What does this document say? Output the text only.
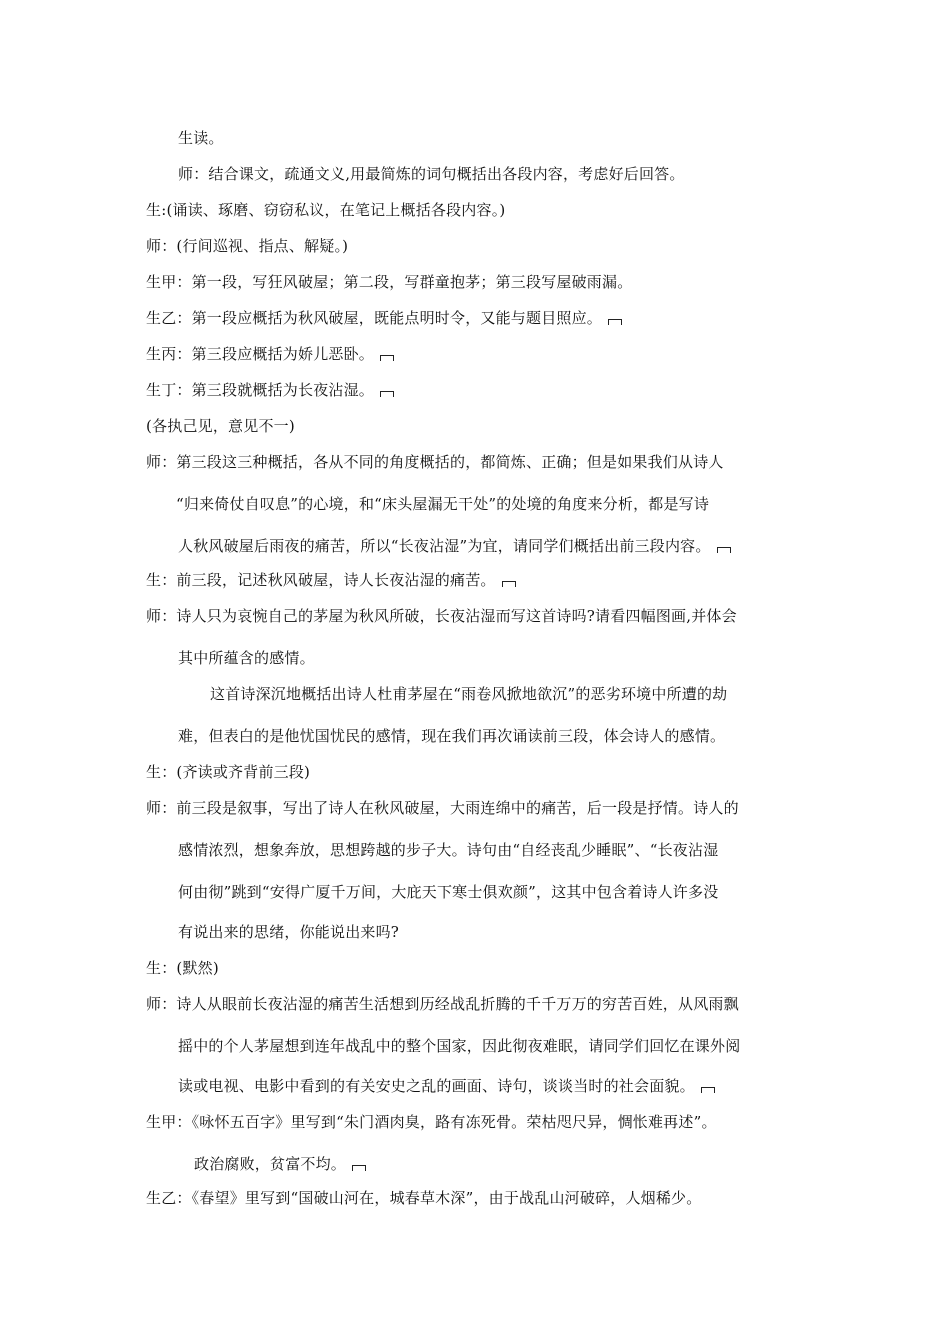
生读。
师：结合课文，疏通文义,用最简炼的词句概括出各段内容，考虑好后回答。
生:(诵读、琢磨、窃窃私议，在笔记上概括各段内容。)
师：(行间巡视、指点、解疑。)
生甲：第一段，写狂风破屋；第二段，写群童抱茅；第三段写屋破雨漏。
生乙：第一段应概括为秋风破屋，既能点明时令，又能与题目照应。
生丙：第三段应概括为娇儿恶卧。
生丁：第三段就概括为长夜沾湿。
(各执己见，意见不一)
师：第三段这三种概括，各从不同的角度概括的，都简炼、正确；但是如果我们从诗人
“归来倚仗自叹息”的心境，和“床头屋漏无干处”的处境的角度来分析，都是写诗
人秋风破屋后雨夜的痛苦，所以“长夜沾湿”为宜，请同学们概括出前三段内容。
生：前三段，记述秋风破屋，诗人长夜沾湿的痛苦。
师：诗人只为哀惋自己的茅屋为秋风所破，长夜沾湿而写这首诗吗?请看四幅图画,并体会
其中所蕴含的感情。
这首诗深沉地概括出诗人杜甫茅屋在“雨卷风掀地欲沉”的恶劣环境中所遭的劫
难，但表白的是他忧国忧民的感情，现在我们再次诵读前三段，体会诗人的感情。
生：(齐读或齐背前三段)
师：前三段是叙事，写出了诗人在秋风破屋，大雨连绵中的痛苦，后一段是抒情。诗人的
感情浓烈，想象奔放，思想跨越的步子大。诗句由“自经丧乱少睡眠”、“长夜沾湿
何由彻”跳到“安得广厦千万间，大庇天下寒士俱欢颜”，这其中包含着诗人许多没
有说出来的思绪，你能说出来吗?
生：(默然)
师：诗人从眼前长夜沾湿的痛苦生活想到历经战乱折腾的千千万万的穷苦百姓，从风雨飘
摇中的个人茅屋想到连年战乱中的整个国家，因此彻夜难眠，请同学们回忆在课外阅
读或电视、电影中看到的有关安史之乱的画面、诗句，谈谈当时的社会面貌。
生甲：《咏怀五百字》里写到“朱门酒肉臭，路有冻死骨。荣枯咫尺异，惆怅难再述”。
政治腐败，贫富不均。
生乙：《春望》里写到“国破山河在，城春草木深”，由于战乱山河破碎，人烟稀少。
